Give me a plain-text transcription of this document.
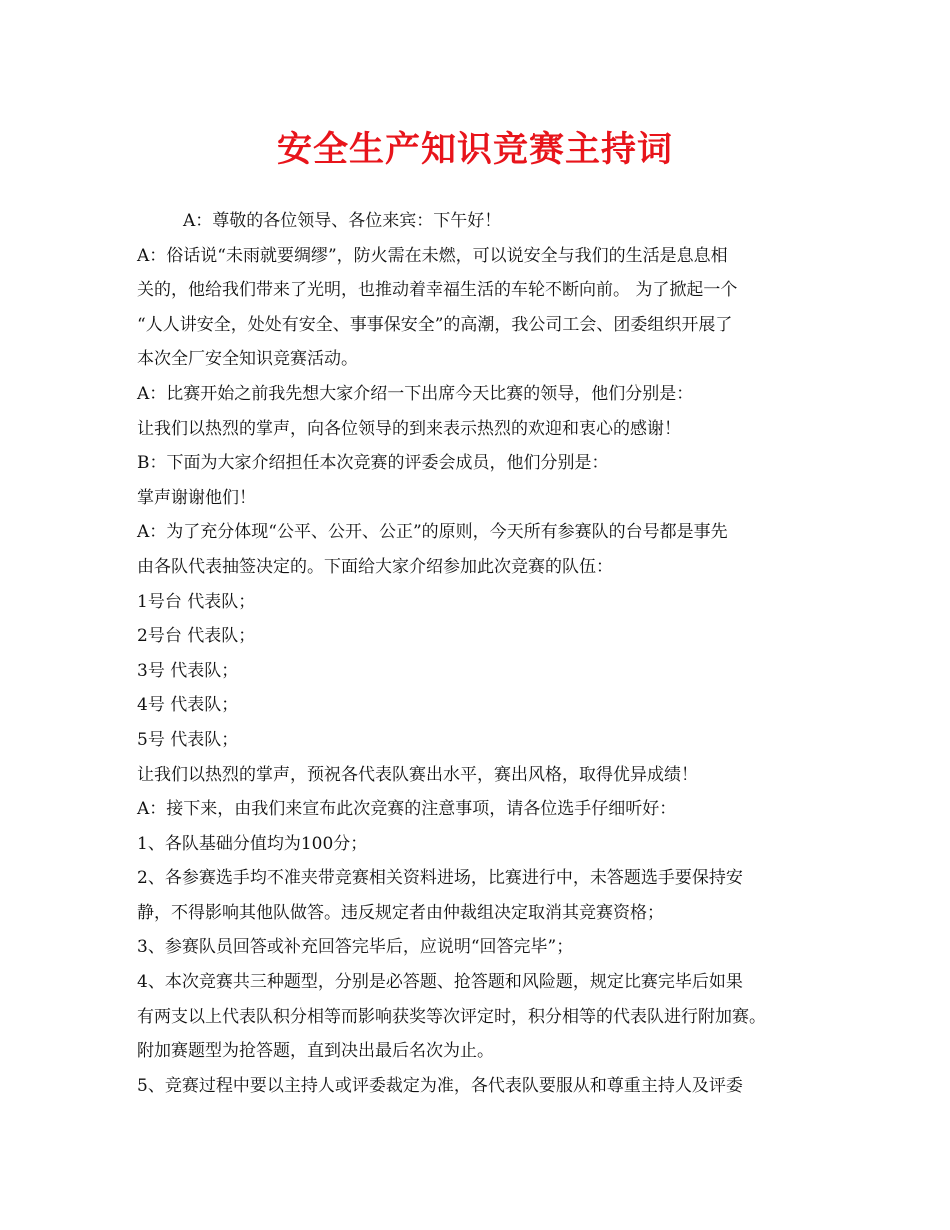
安全生产知识竞赛主持词
A：尊敬的各位领导、各位来宾：下午好！
A：俗话说“未雨就要绸缪”，防火需在未燃，可以说安全与我们的生活是息息相
关的，他给我们带来了光明，也推动着幸福生活的车轮不断向前。 为了掀起一个
“人人讲安全，处处有安全、事事保安全”的高潮，我公司工会、团委组织开展了
本次全厂安全知识竞赛活动。
A：比赛开始之前我先想大家介绍一下出席今天比赛的领导，他们分别是：
让我们以热烈的掌声，向各位领导的到来表示热烈的欢迎和衷心的感谢！
B：下面为大家介绍担任本次竞赛的评委会成员，他们分别是：
掌声谢谢他们！
A：为了充分体现“公平、公开、公正”的原则，今天所有参赛队的台号都是事先
由各队代表抽签决定的。下面给大家介绍参加此次竞赛的队伍：
1号台 代表队；
2号台 代表队；
3号 代表队；
4号 代表队；
5号 代表队；
让我们以热烈的掌声，预祝各代表队赛出水平，赛出风格，取得优异成绩！
A：接下来，由我们来宣布此次竞赛的注意事项，请各位选手仔细听好：
1、各队基础分值均为100分；
2、各参赛选手均不准夹带竞赛相关资料进场，比赛进行中，未答题选手要保持安
静，不得影响其他队做答。违反规定者由仲裁组决定取消其竞赛资格；
3、参赛队员回答或补充回答完毕后，应说明“回答完毕”；
4、本次竞赛共三种题型，分别是必答题、抢答题和风险题，规定比赛完毕后如果
有两支以上代表队积分相等而影响获奖等次评定时，积分相等的代表队进行附加赛。
附加赛题型为抢答题，直到决出最后名次为止。
5、竞赛过程中要以主持人或评委裁定为准，各代表队要服从和尊重主持人及评委
